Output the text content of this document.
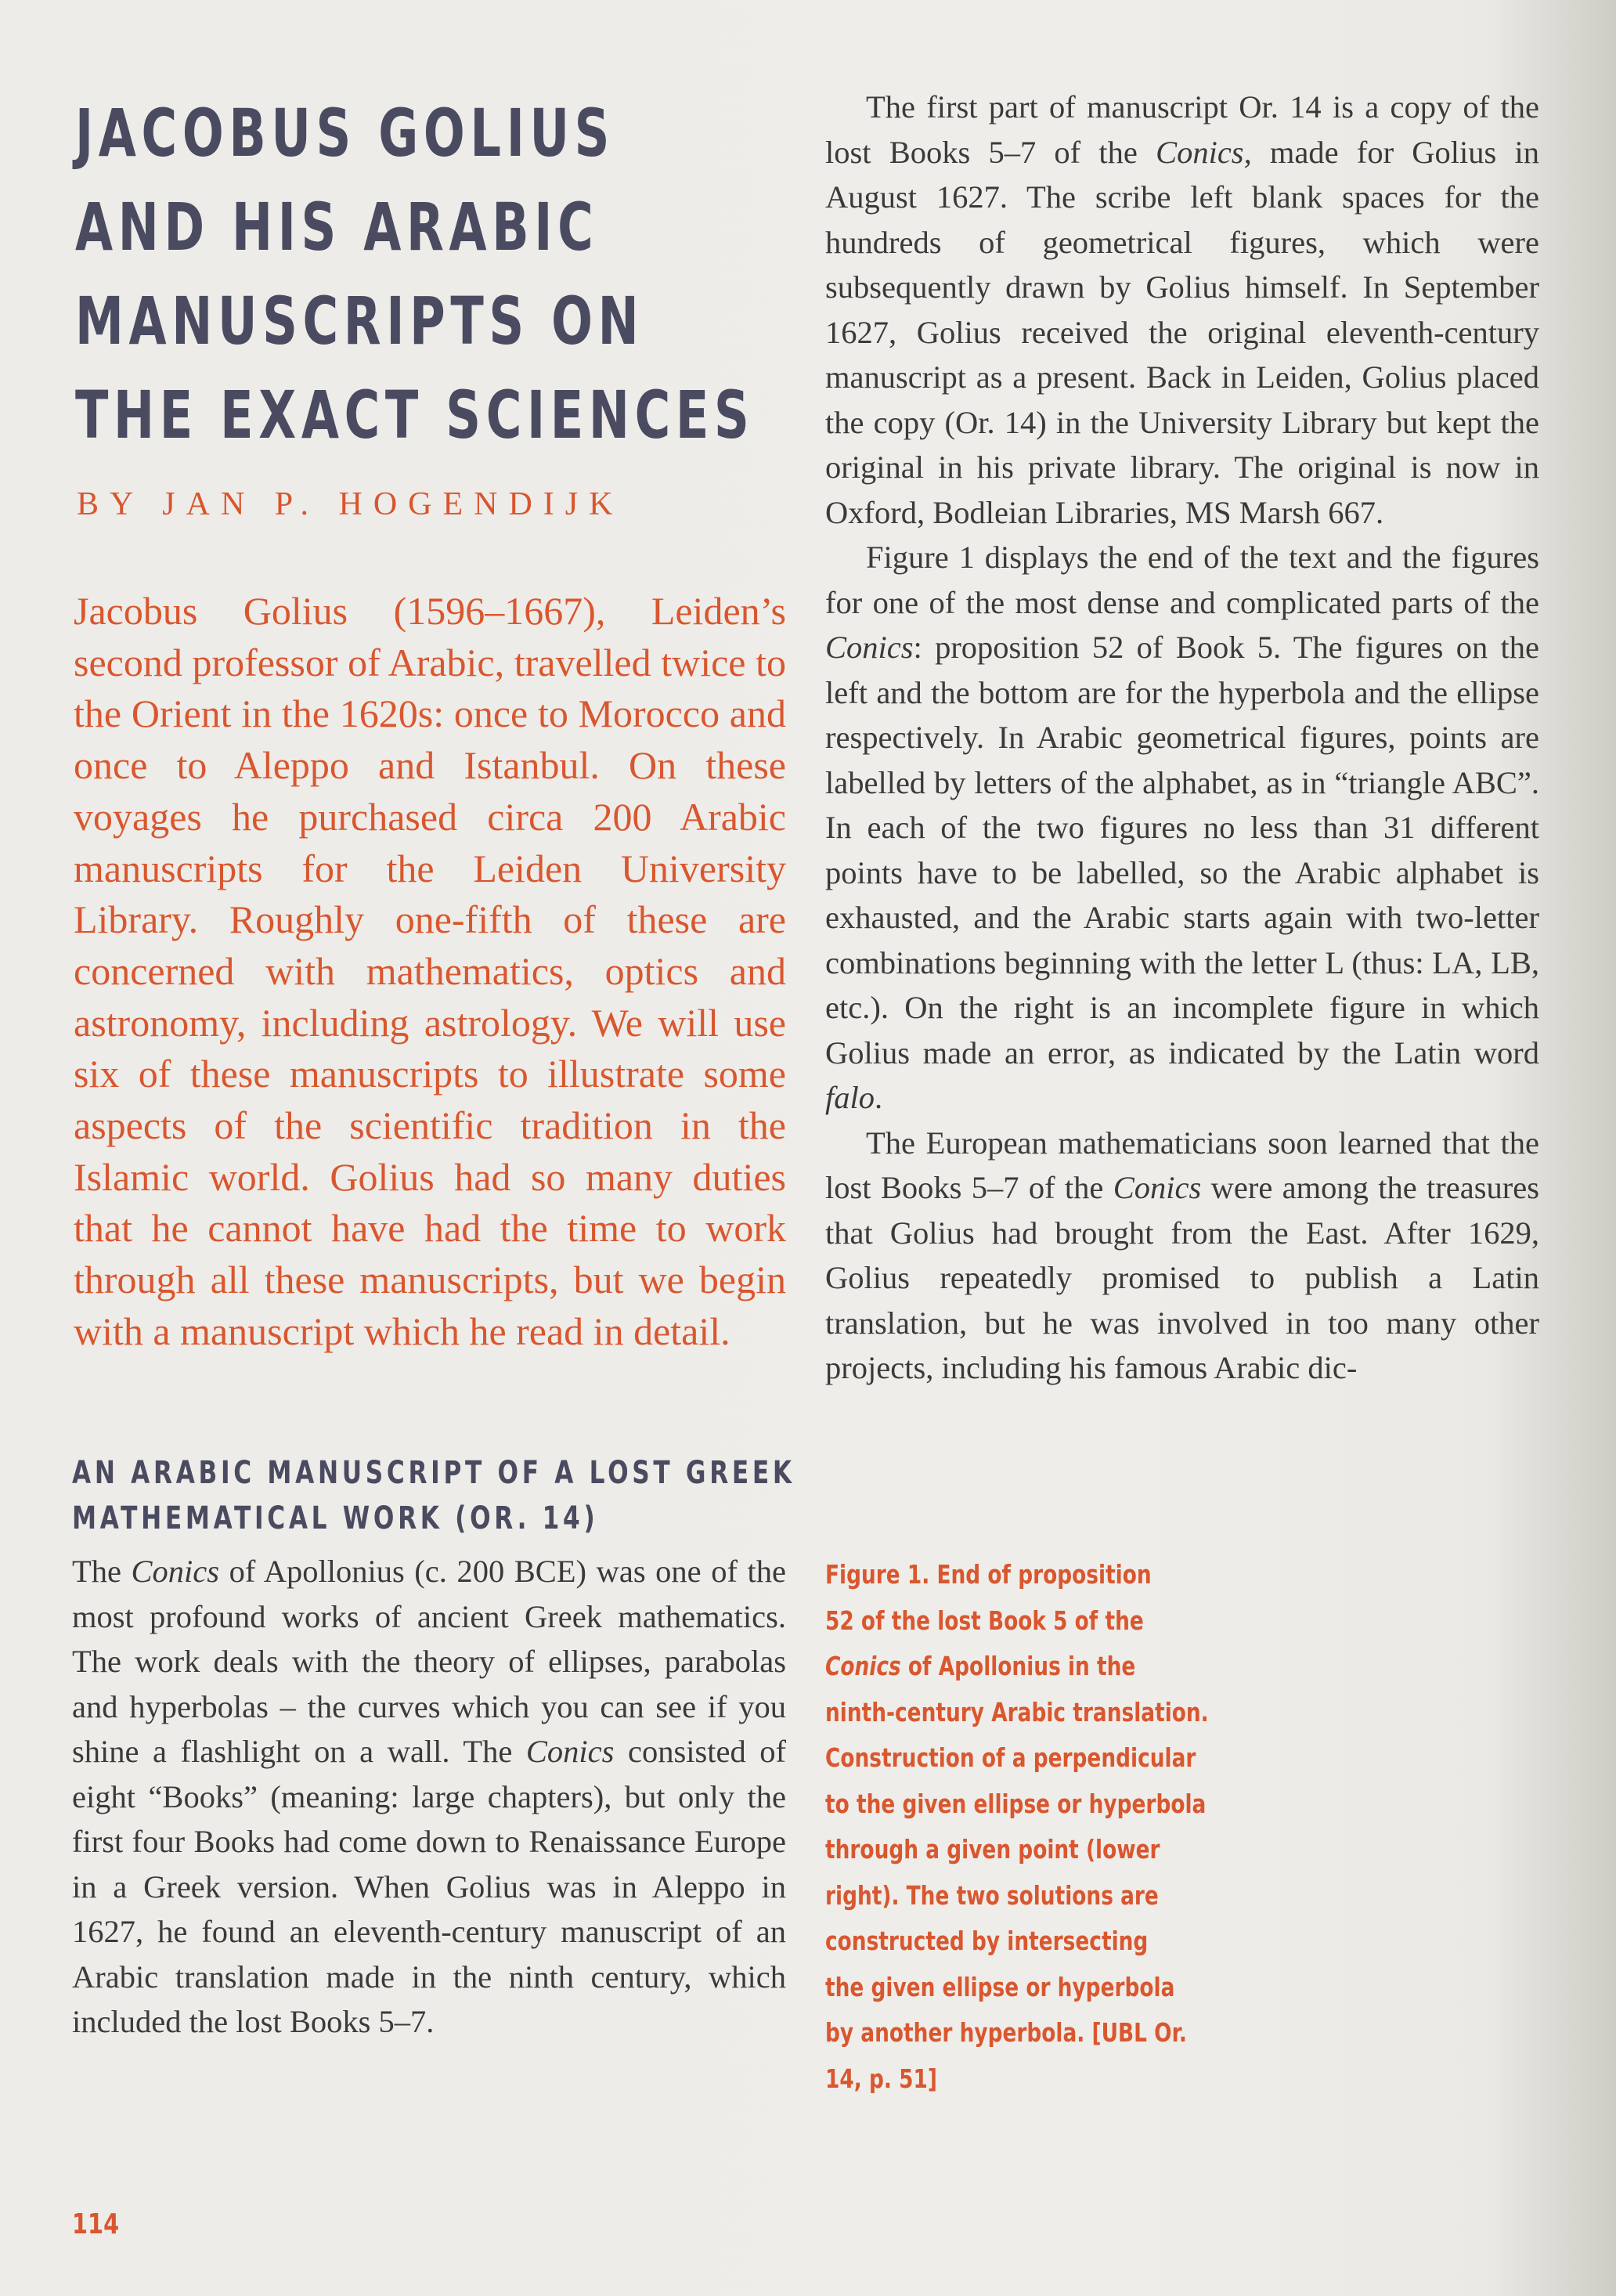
JACOBUS GOLIUS
AND HIS ARABIC
MANUSCRIPTS ON
THE EXACT SCIENCES

BY JAN P. HOGENDIJK

Jacobus Golius (1596–1667), Leiden’s second professor of Arabic, travelled twice to the Orient in the 1620s: once to Morocco and once to Aleppo and Istanbul. On these voyages he purchased circa 200 Arabic manuscripts for the Leiden University Library. Roughly one-fifth of these are concerned with mathematics, optics and astronomy, including astrology. We will use six of these manuscripts to illustrate some aspects of the scientific tradition in the Islamic world. Golius had so many duties that he cannot have had the time to work through all these manuscripts, but we begin with a manuscript which he read in detail.

AN ARABIC MANUSCRIPT OF A LOST GREEK
MATHEMATICAL WORK (OR. 14)

The Conics of Apollonius (c. 200 BCE) was one of the most profound works of ancient Greek mathematics. The work deals with the theory of ellipses, parabolas and hyperbolas – the curves which you can see if you shine a flashlight on a wall. The Conics consisted of eight “Books” (meaning: large chapters), but only the first four Books had come down to Renaissance Europe in a Greek version. When Golius was in Aleppo in 1627, he found an eleventh-century manuscript of an Arabic translation made in the ninth century, which included the lost Books 5–7.

The first part of manuscript Or. 14 is a copy of the lost Books 5–7 of the Conics, made for Golius in August 1627. The scribe left blank spaces for the hundreds of geometrical figures, which were subsequently drawn by Golius himself. In September 1627, Golius received the original eleventh-century manuscript as a present. Back in Leiden, Golius placed the copy (Or. 14) in the University Library but kept the original in his private library. The original is now in Oxford, Bodleian Libraries, MS Marsh 667.

Figure 1 displays the end of the text and the figures for one of the most dense and complicated parts of the Conics: proposition 52 of Book 5. The figures on the left and the bottom are for the hyperbola and the ellipse respectively. In Arabic geometrical figures, points are labelled by letters of the alphabet, as in “triangle ABC”. In each of the two figures no less than 31 different points have to be labelled, so the Arabic alphabet is exhausted, and the Arabic starts again with two-letter combinations beginning with the letter L (thus: LA, LB, etc.). On the right is an incomplete figure in which Golius made an error, as indicated by the Latin word falo.

The European mathematicians soon learned that the lost Books 5–7 of the Conics were among the treasures that Golius had brought from the East. After 1629, Golius repeatedly promised to publish a Latin translation, but he was involved in too many other projects, including his famous Arabic dic-

Figure 1. End of proposition
52 of the lost Book 5 of the
Conics of Apollonius in the
ninth-century Arabic translation.
Construction of a perpendicular
to the given ellipse or hyperbola
through a given point (lower
right). The two solutions are
constructed by intersecting
the given ellipse or hyperbola
by another hyperbola. [UBL Or.
14, p. 51]

114
